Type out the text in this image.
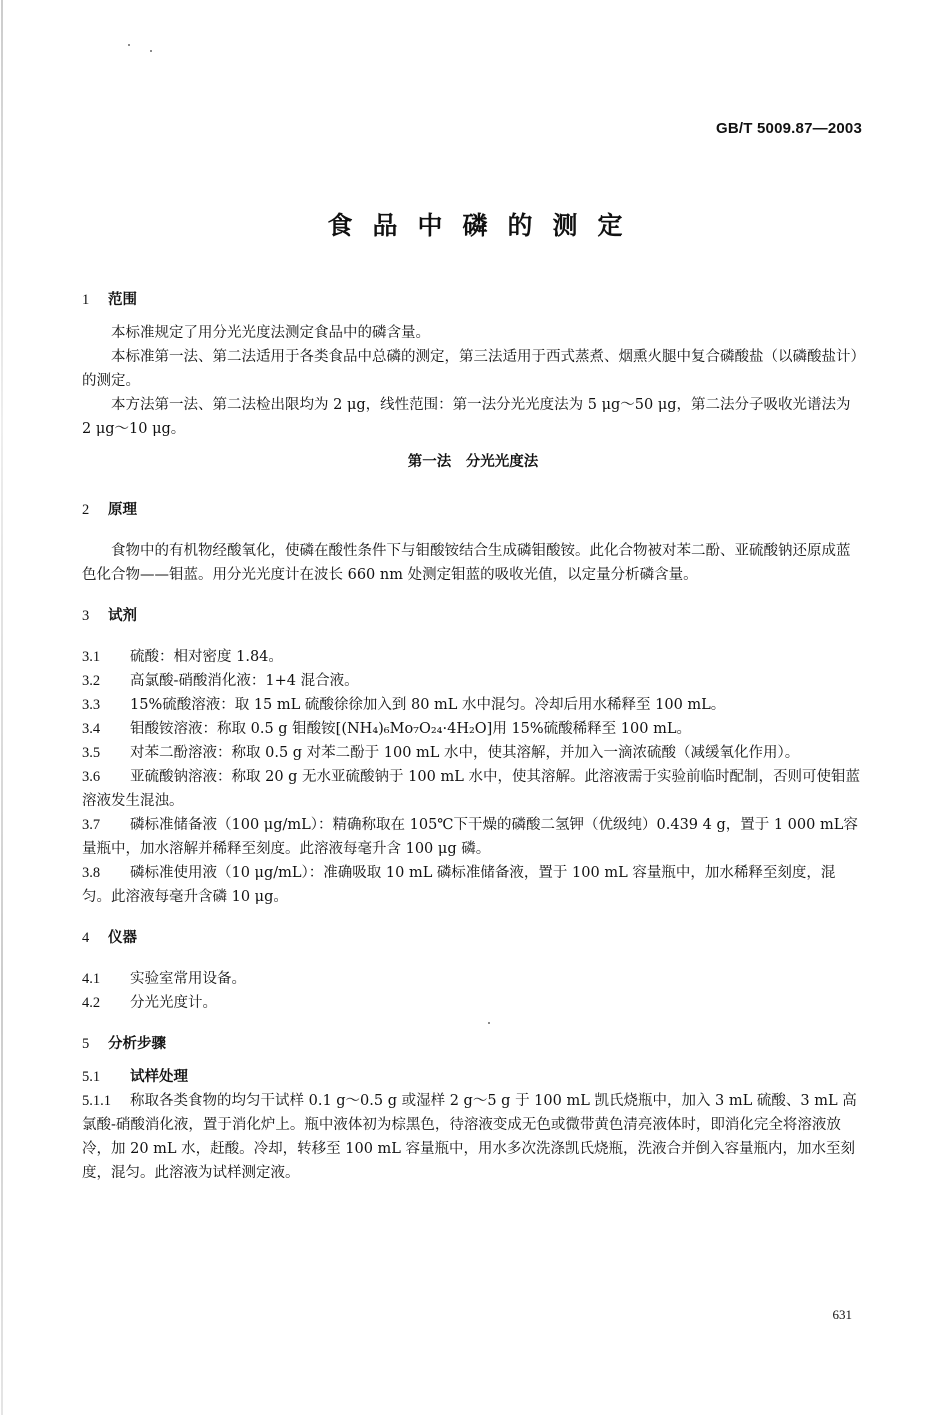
GB/T 5009.87—2003
食品中磷的测定
1 范围

本标准规定了用分光光度法测定食品中的磷含量。

本标准第一法、第二法适用于各类食品中总磷的测定，第三法适用于西式蒸煮、烟熏火腿中复合磷酸盐（以磷酸盐计）的测定。

本方法第一法、第二法检出限均为 2 μg，线性范围：第一法分光光度法为 5 μg～50 μg，第二法分子吸收光谱法为 2 μg～10 μg。

第一法　分光光度法
2 原理

食物中的有机物经酸氧化，使磷在酸性条件下与钼酸铵结合生成磷钼酸铵。此化合物被对苯二酚、亚硫酸钠还原成蓝色化合物——钼蓝。用分光光度计在波长 660 nm 处测定钼蓝的吸收光值，以定量分析磷含量。

3 试剂

3.1 硫酸：相对密度 1.84。

3.2 高氯酸-硝酸消化液：1+4 混合液。

3.3 15%硫酸溶液：取 15 mL 硫酸徐徐加入到 80 mL 水中混匀。冷却后用水稀释至 100 mL。

3.4 钼酸铵溶液：称取 0.5 g 钼酸铵[(NH₄)₆Mo₇O₂₄·4H₂O]用 15%硫酸稀释至 100 mL。

3.5 对苯二酚溶液：称取 0.5 g 对苯二酚于 100 mL 水中，使其溶解，并加入一滴浓硫酸（减缓氧化作用）。

3.6 亚硫酸钠溶液：称取 20 g 无水亚硫酸钠于 100 mL 水中，使其溶解。此溶液需于实验前临时配制，否则可使钼蓝溶液发生混浊。

3.7 磷标准储备液（100 μg/mL）：精确称取在 105℃下干燥的磷酸二氢钾（优级纯）0.439 4 g，置于 1 000 mL容量瓶中，加水溶解并稀释至刻度。此溶液每毫升含 100 μg 磷。

3.8 磷标准使用液（10 μg/mL）：准确吸取 10 mL 磷标准储备液，置于 100 mL 容量瓶中，加水稀释至刻度，混匀。此溶液每毫升含磷 10 μg。

4 仪器

4.1 实验室常用设备。

4.2 分光光度计。

5 分析步骤
5.1 试样处理

5.1.1 称取各类食物的均匀干试样 0.1 g～0.5 g 或湿样 2 g～5 g 于 100 mL 凯氏烧瓶中，加入 3 mL 硫酸、3 mL 高氯酸-硝酸消化液，置于消化炉上。瓶中液体初为棕黑色，待溶液变成无色或微带黄色清亮液体时，即消化完全将溶液放冷，加 20 mL 水，赶酸。冷却，转移至 100 mL 容量瓶中，用水多次洗涤凯氏烧瓶，洗液合并倒入容量瓶内，加水至刻度，混匀。此溶液为试样测定液。

631
